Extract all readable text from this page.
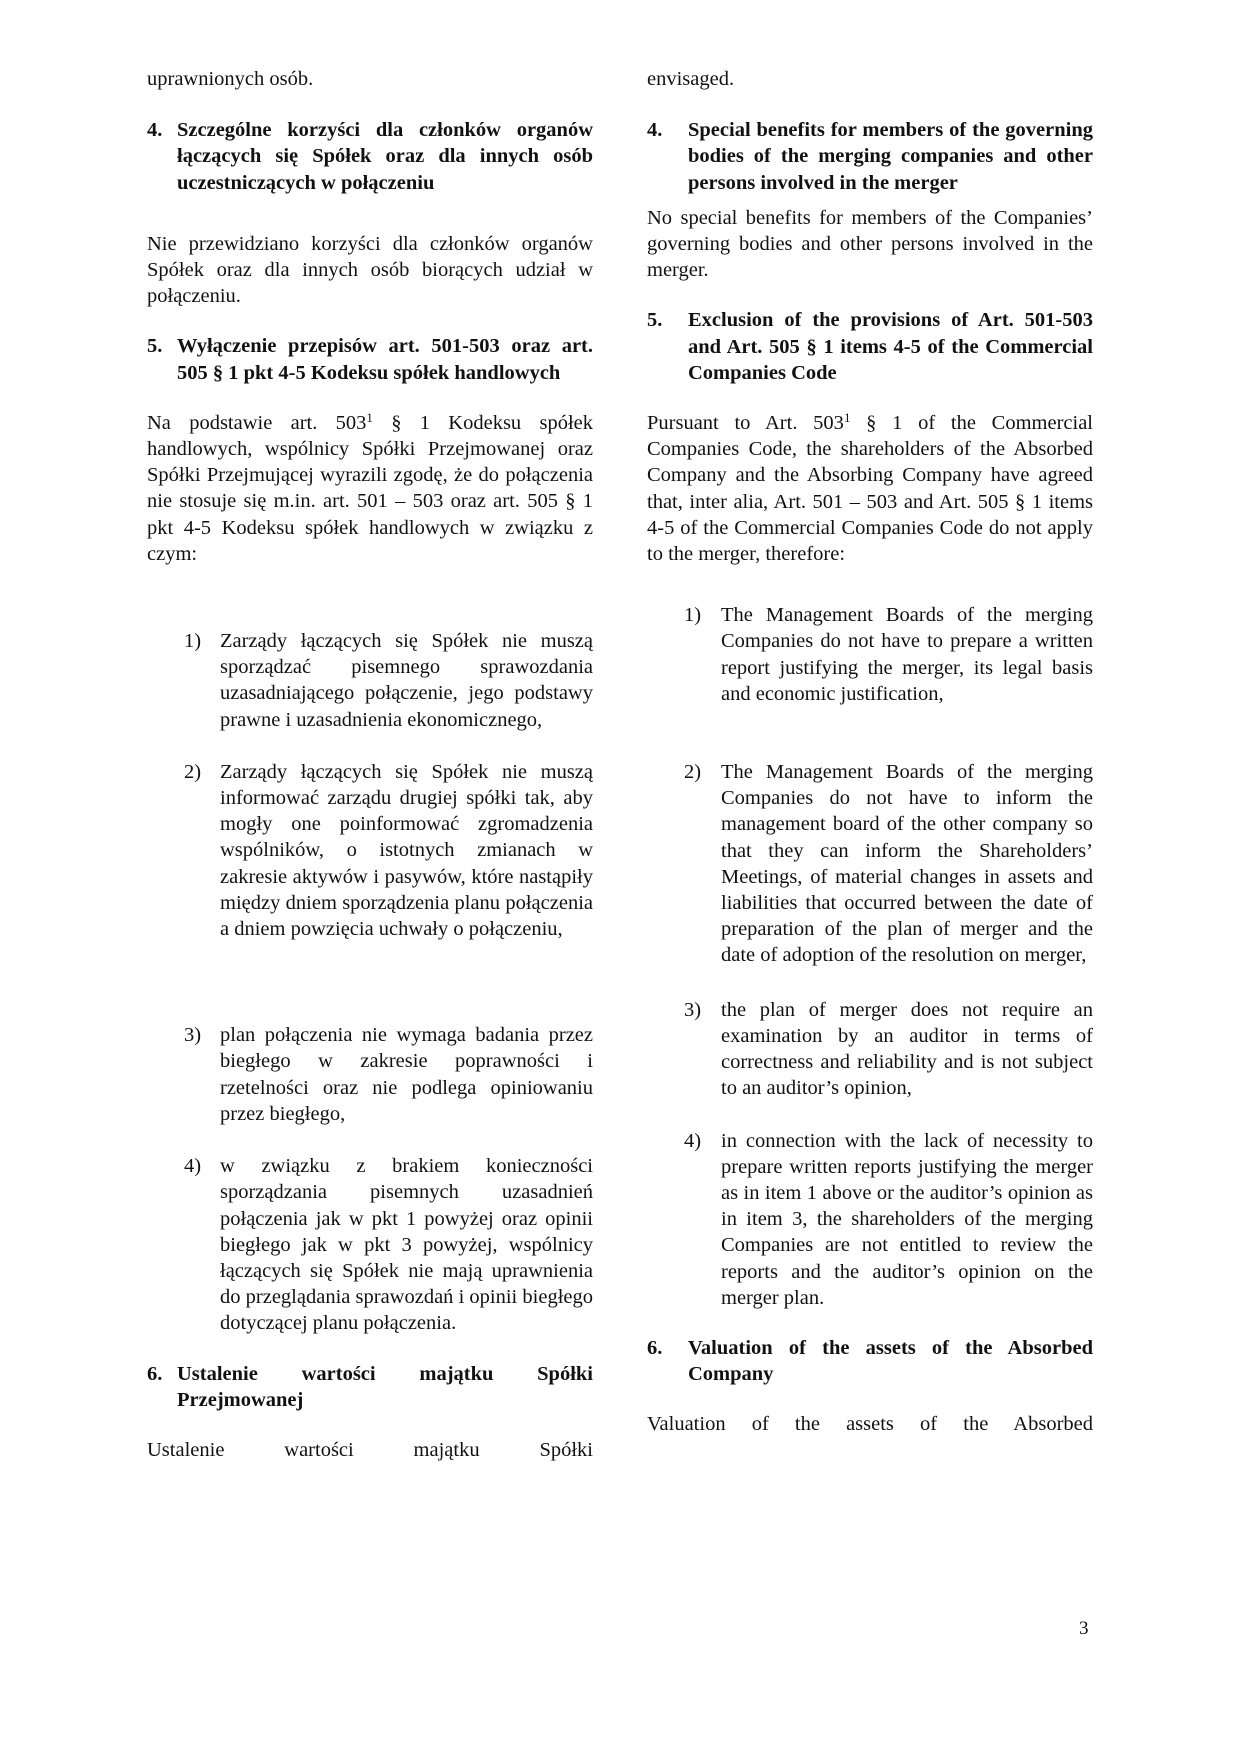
uprawnionych osób.

4. Szczególne korzyści dla członków organów łączących się Spółek oraz dla innych osób uczestniczących w połączeniu

Nie przewidziano korzyści dla członków organów Spółek oraz dla innych osób biorących udział w połączeniu.

5. Wyłączenie przepisów art. 501-503 oraz art. 505 § 1 pkt 4-5 Kodeksu spółek handlowych

Na podstawie art. $503^1$ § 1 Kodeksu spółek handlowych, wspólnicy Spółki Przejmowanej oraz Spółki Przejmującej wyrazili zgodę, że do połączenia nie stosuje się m.in. art. 501 – 503 oraz art. 505 § 1 pkt 4-5 Kodeksu spółek handlowych w związku z czym:

1) Zarządy łączących się Spółek nie muszą sporządzać pisemnego sprawozdania uzasadniającego połączenie, jego podstawy prawne i uzasadnienia ekonomicznego,
2) Zarządy łączących się Spółek nie muszą informować zarządu drugiej spółki tak, aby mogły one poinformować zgromadzenia wspólników, o istotnych zmianach w zakresie aktywów i pasywów, które nastąpiły między dniem sporządzenia planu połączenia a dniem powzięcia uchwały o połączeniu,
3) plan połączenia nie wymaga badania przez biegłego w zakresie poprawności i rzetelności oraz nie podlega opiniowaniu przez biegłego,
4) w związku z brakiem konieczności sporządzania pisemnych uzasadnień połączenia jak w pkt 1 powyżej oraz opinii biegłego jak w pkt 3 powyżej, wspólnicy łączących się Spółek nie mają uprawnienia do przeglądania sprawozdań i opinii biegłego dotyczącej planu połączenia.
6. Ustalenie wartości majątku Spółki Przejmowanej

Ustalenie wartości majątku Spółki

envisaged.

4.	Special benefits for members of the governing bodies of the merging companies and other persons involved in the merger

No special benefits for members of the Companies’ governing bodies and other persons involved in the merger.

5.	Exclusion of the provisions of Art. 501-503 and Art. 505 § 1 items 4-5 of the Commercial Companies Code

Pursuant to Art. $503^1$ § 1 of the Commercial Companies Code, the shareholders of the Absorbed Company and the Absorbing Company have agreed that, inter alia, Art. 501 – 503 and Art. 505 § 1 items 4-5 of the Commercial Companies Code do not apply to the merger, therefore:

1) The Management Boards of the merging Companies do not have to prepare a written report justifying the merger, its legal basis and economic justification,
2) The Management Boards of the merging Companies do not have to inform the management board of the other company so that they can inform the Shareholders’ Meetings, of material changes in assets and liabilities that occurred between the date of preparation of the plan of merger and the date of adoption of the resolution on merger,
3) the plan of merger does not require an examination by an auditor in terms of correctness and reliability and is not subject to an auditor’s opinion,
4) in connection with the lack of necessity to prepare written reports justifying the merger as in item 1 above or the auditor’s opinion as in item 3, the shareholders of the merging Companies are not entitled to review the reports and the auditor’s opinion on the merger plan.
6.	Valuation of the assets of the Absorbed Company

Valuation of the assets of the Absorbed

3
